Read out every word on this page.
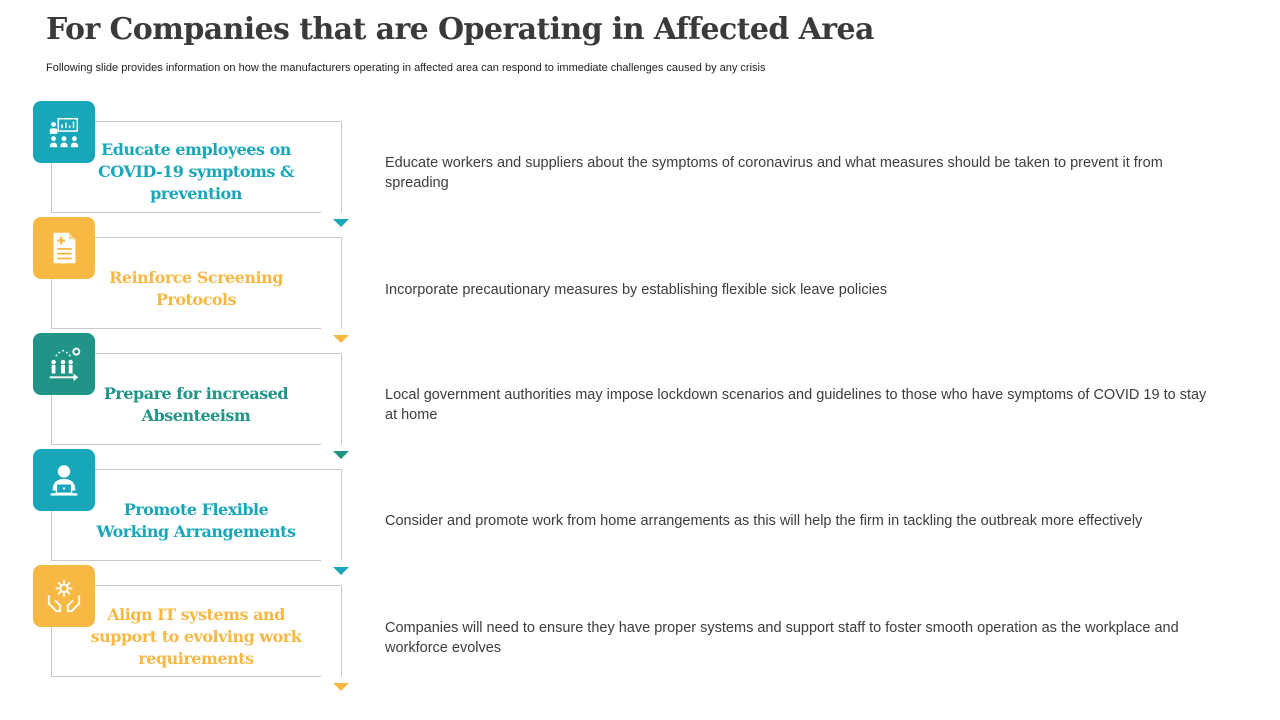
For Companies that are Operating in Affected Area
Following slide provides information on how the manufacturers operating in affected area can respond to immediate challenges caused by any crisis
Educate employees on
COVID-19 symptoms &
prevention
Educate workers and suppliers about the symptoms of coronavirus and what measures should be taken to prevent it from spreading
Reinforce Screening
Protocols	Incorporate precautionary measures by establishing flexible sick leave policies
Prepare for increased
Absenteeism
Local government authorities may impose lockdown scenarios and guidelines to those who have symptoms of COVID 19 to stay at home
Promote Flexible
Working Arrangements
Consider and promote work from home arrangements as this will help the firm in tackling the outbreak more effectively
Align IT systems and
support to evolving work
requirements
Companies will need to ensure they have proper systems and support staff to foster smooth operation as the workplace and workforce evolves
